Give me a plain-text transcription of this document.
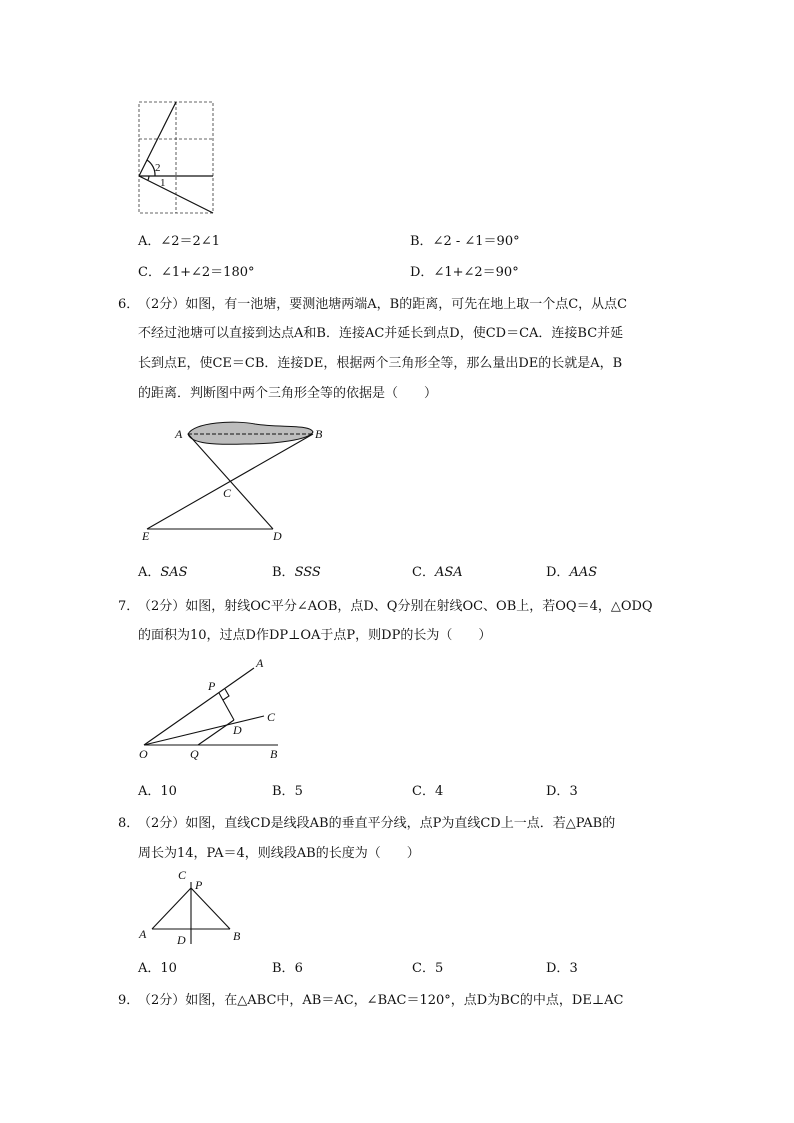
2
1
A．∠2＝2∠1	B．∠2 - ∠1＝90°
C．∠1+∠2＝180°	D．∠1+∠2＝90°
6．
（2分）如图，有一池塘，要测池塘两端A，B的距离，可先在地上取一个点C，从点C
不经过池塘可以直接到达点A和B．连接AC并延长到点D，使CD＝CA．连接BC并延
长到点E，使CE＝CB．连接DE，根据两个三角形全等，那么量出DE的长就是A，B
的距离．判断图中两个三角形全等的依据是（　　）
A	B
C
E	D
A．SAS	B．SSS	C．ASA	D．AAS
7．
（2分）如图，射线OC平分∠AOB，点D、Q分别在射线OC、OB上，若OQ＝4，△ODQ
的面积为10，过点D作DP⊥OA于点P，则DP的长为（　　）
A
P
C
D
O	Q	B
A．10	B．5	C．4	D．3
8．
（2分）如图，直线CD是线段AB的垂直平分线，点P为直线CD上一点．若△PAB的
周长为14，PA＝4，则线段AB的长度为（　　）
C
P
A	D	B
A．10	B．6	C．5	D．3
9．
（2分）如图，在△ABC中，AB＝AC，∠BAC＝120°，点D为BC的中点，DE⊥AC
